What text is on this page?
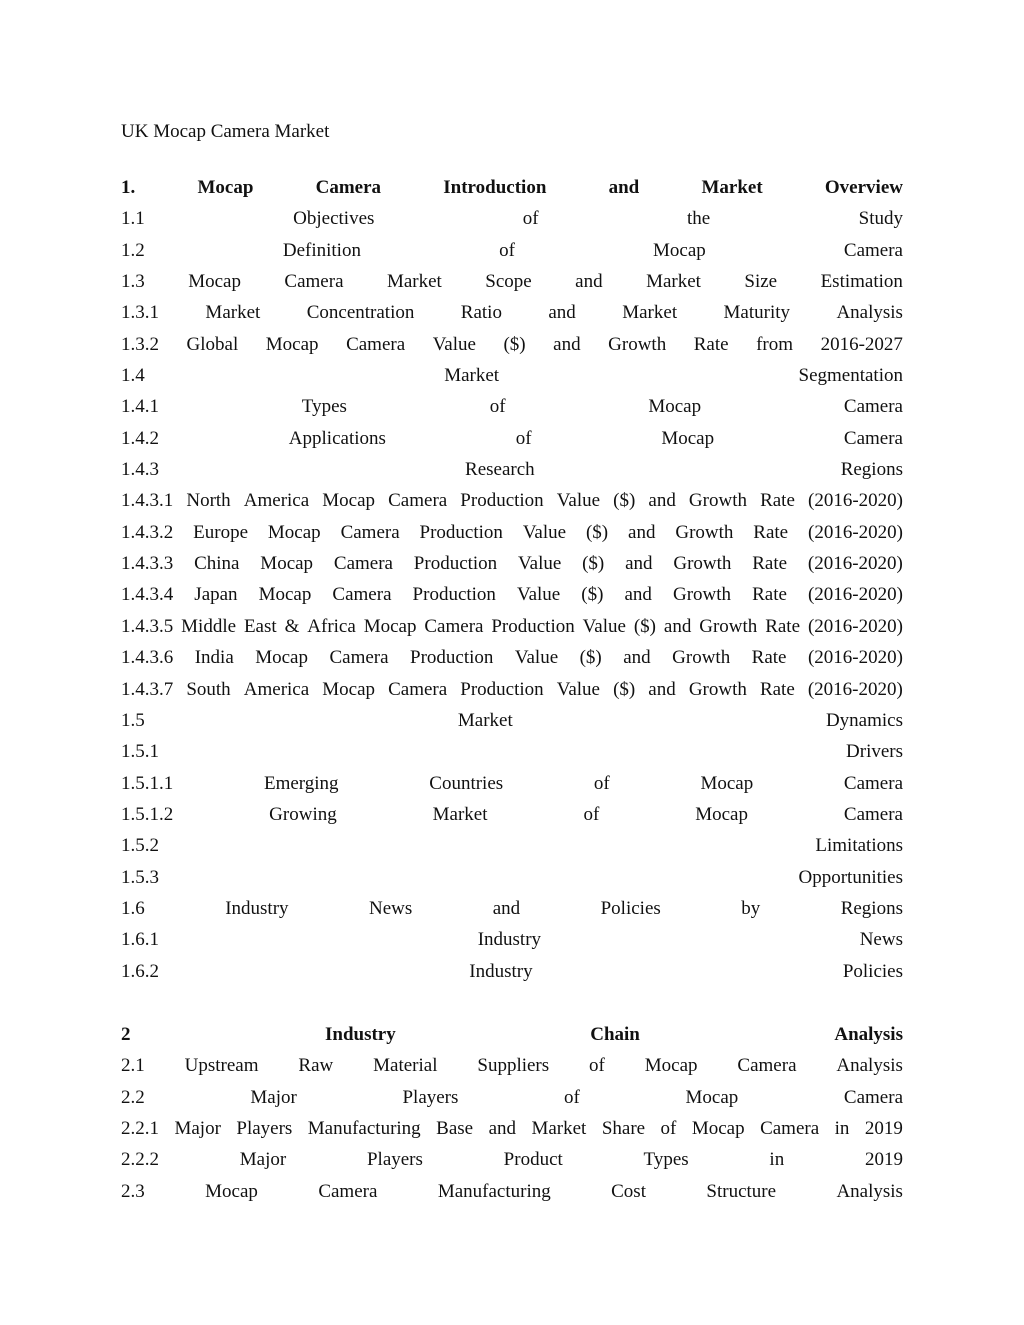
UK Mocap Camera Market
1.	Mocap	Camera	Introduction	and	Market	Overview
1.1	Objectives	of	the	Study
1.2	Definition	of	Mocap	Camera
1.3 Mocap Camera Market Scope and Market Size Estimation
1.3.1 Market Concentration Ratio and Market Maturity Analysis
1.3.2 Global Mocap Camera Value ($) and Growth Rate from 2016-2027
1.4	Market	Segmentation
1.4.1	Types	of	Mocap	Camera
1.4.2	Applications	of	Mocap	Camera
1.4.3	Research	Regions
1.4.3.1 North America Mocap Camera Production Value ($) and Growth Rate (2016-2020)
1.4.3.2 Europe Mocap Camera Production Value ($) and Growth Rate (2016-2020)
1.4.3.3 China Mocap Camera Production Value ($) and Growth Rate (2016-2020)
1.4.3.4 Japan Mocap Camera Production Value ($) and Growth Rate (2016-2020)
1.4.3.5 Middle East & Africa Mocap Camera Production Value ($) and Growth Rate (2016-2020)
1.4.3.6 India Mocap Camera Production Value ($) and Growth Rate (2016-2020)
1.4.3.7 South America Mocap Camera Production Value ($) and Growth Rate (2016-2020)
1.5	Market	Dynamics
1.5.1	Drivers
1.5.1.1	Emerging	Countries	of	Mocap	Camera
1.5.1.2	Growing	Market	of	Mocap	Camera
1.5.2	Limitations
1.5.3	Opportunities
1.6	Industry	News	and	Policies	by	Regions
1.6.1	Industry	News
1.6.2	Industry	Policies
2	Industry	Chain	Analysis
2.1 Upstream Raw Material Suppliers of Mocap Camera Analysis
2.2	Major	Players	of	Mocap	Camera
2.2.1 Major Players Manufacturing Base and Market Share of Mocap Camera in 2019
2.2.2	Major	Players	Product	Types	in	2019
2.3	Mocap	Camera	Manufacturing	Cost	Structure	Analysis
